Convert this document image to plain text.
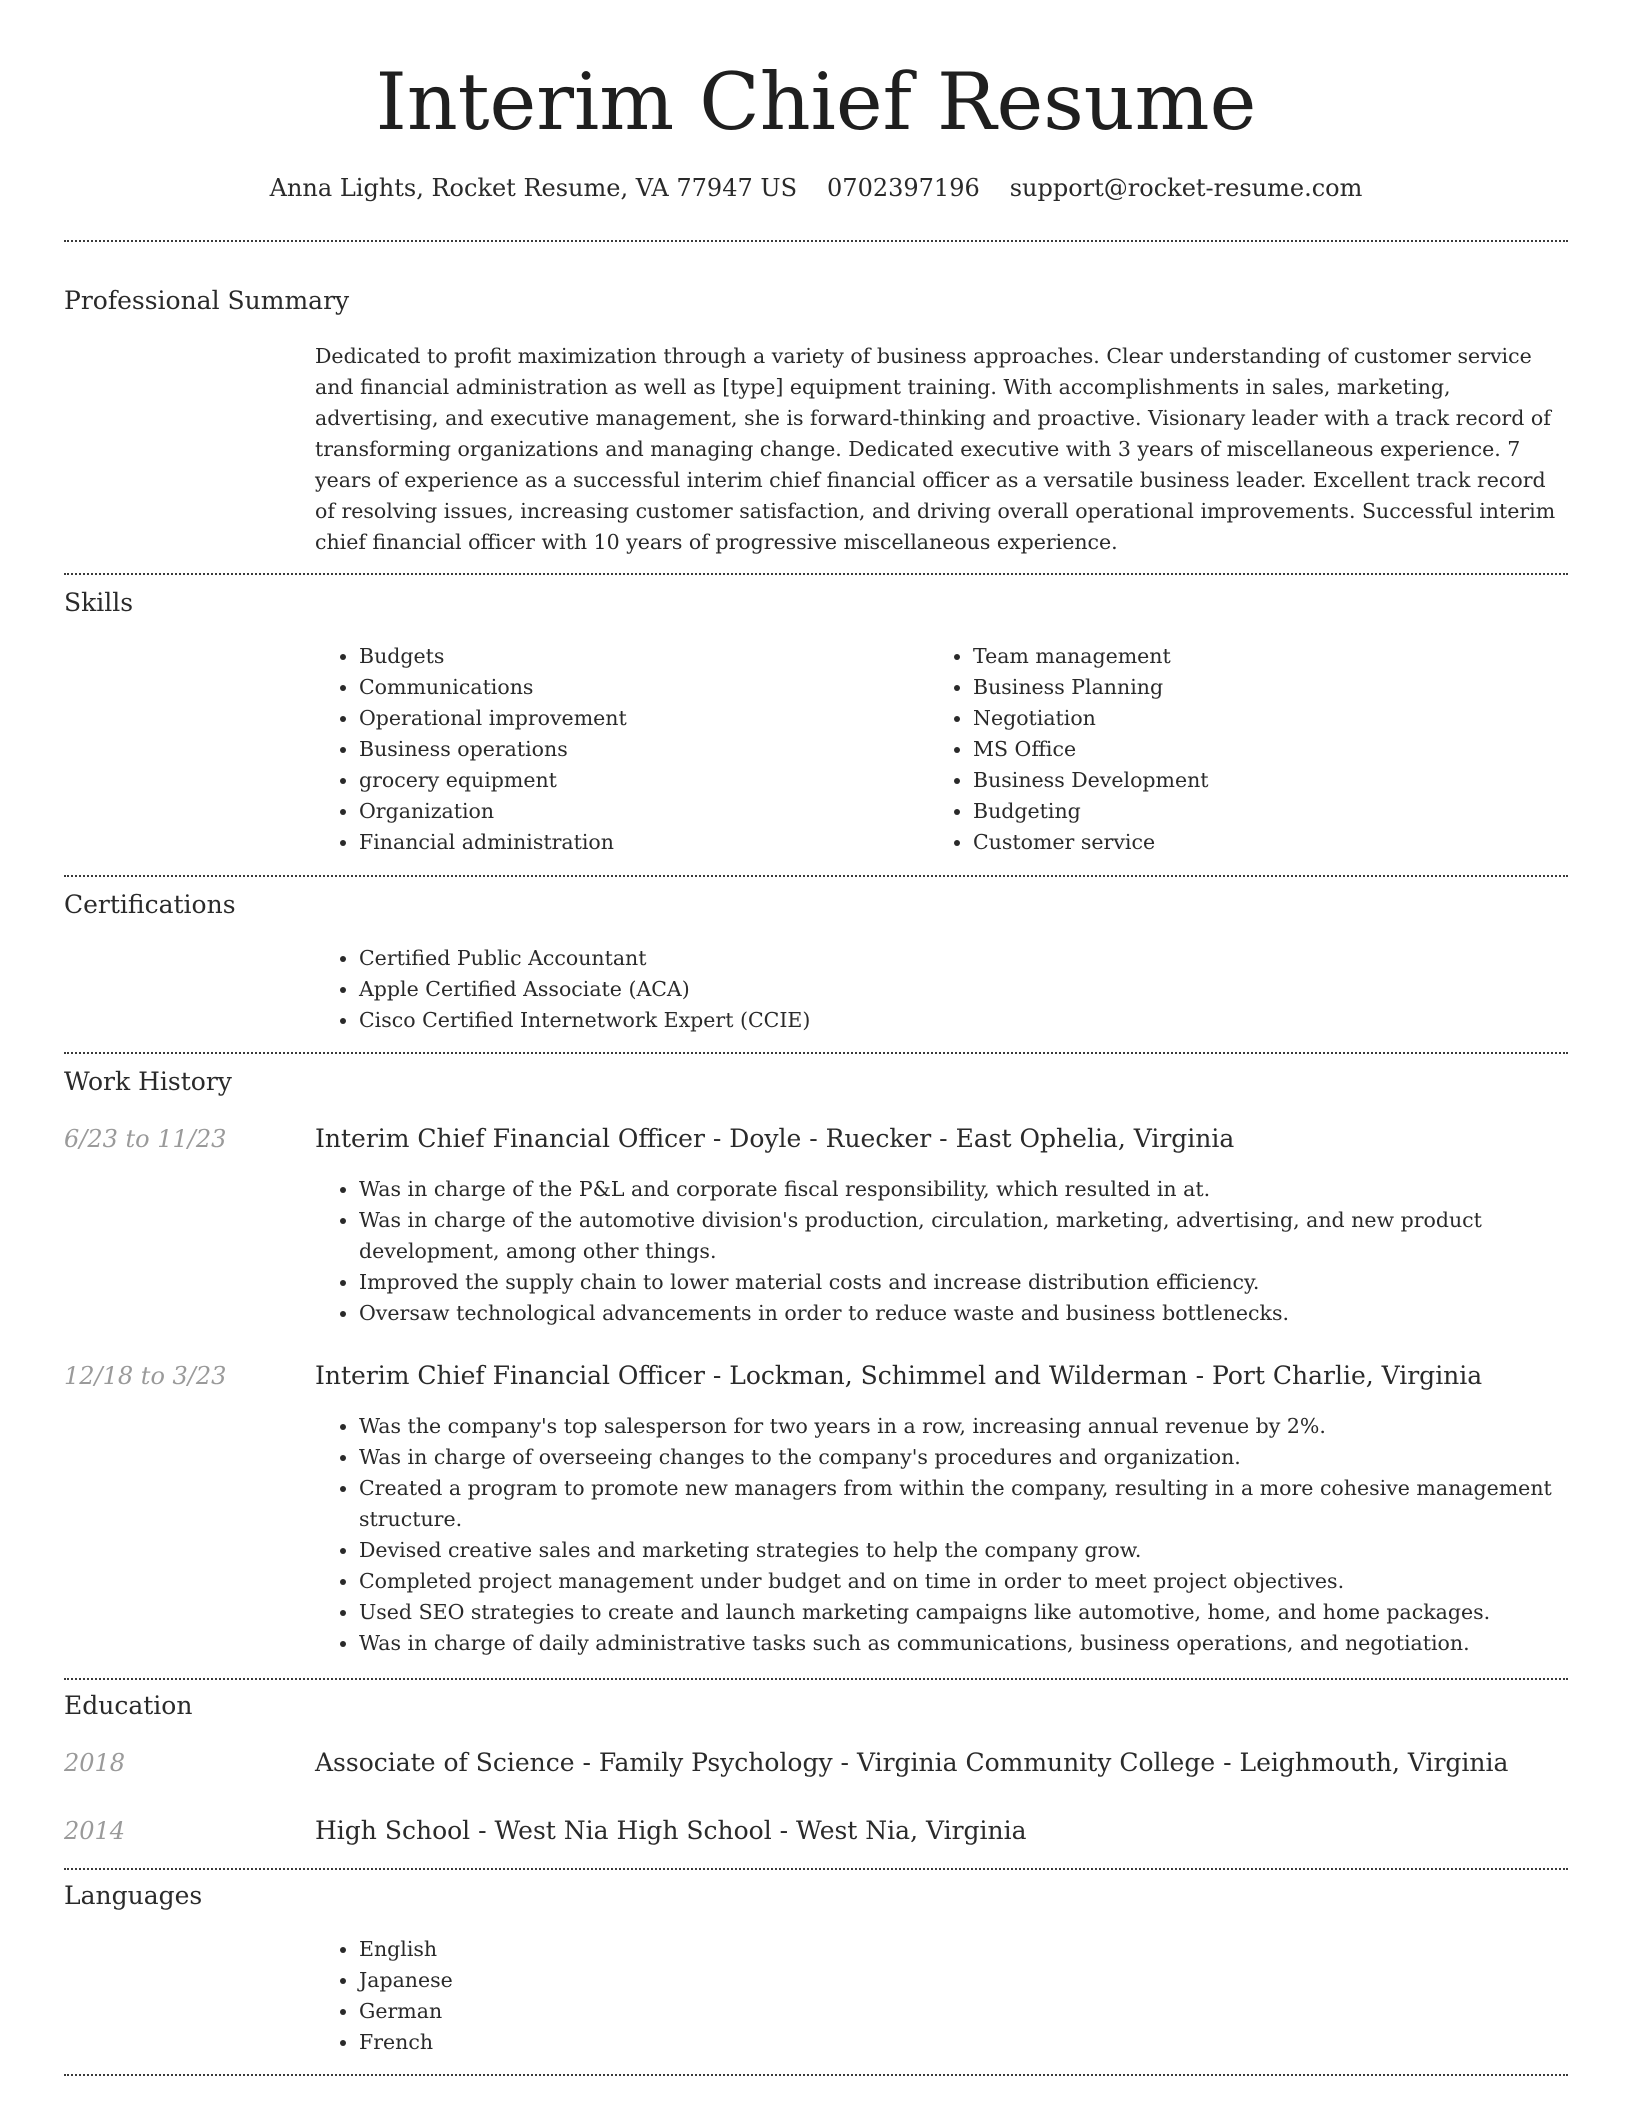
Interim Chief Resume
Anna Lights, Rocket Resume, VA 77947 US 0702397196 support@rocket-resume.com
Professional Summary

Dedicated to profit maximization through a variety of business approaches. Clear understanding of customer service and financial administration as well as [type] equipment training. With accomplishments in sales, marketing, advertising, and executive management, she is forward-thinking and proactive. Visionary leader with a track record of transforming organizations and managing change. Dedicated executive with 3 years of miscellaneous experience. 7 years of experience as a successful interim chief financial officer as a versatile business leader. Excellent track record of resolving issues, increasing customer satisfaction, and driving overall operational improvements. Successful interim chief financial officer with 10 years of progressive miscellaneous experience.

Skills
• Budgets
• Communications
• Operational improvement
• Business operations
• grocery equipment
• Organization
• Financial administration
• Team management
• Business Planning
• Negotiation
• MS Office
• Business Development
• Budgeting
• Customer service
Certifications
• Certified Public Accountant
• Apple Certified Associate (ACA)
• Cisco Certified Internetwork Expert (CCIE)
Work History
6/23 to 11/23	Interim Chief Financial Officer - Doyle - Ruecker - East Ophelia, Virginia

• Was in charge of the P&L and corporate fiscal responsibility, which resulted in at.
• Was in charge of the automotive division's production, circulation, marketing, advertising, and new product development, among other things.
• Improved the supply chain to lower material costs and increase distribution efficiency.
• Oversaw technological advancements in order to reduce waste and business bottlenecks.
12/18 to 3/23	Interim Chief Financial Officer - Lockman, Schimmel and Wilderman - Port Charlie, Virginia

• Was the company's top salesperson for two years in a row, increasing annual revenue by 2%.
• Was in charge of overseeing changes to the company's procedures and organization.
• Created a program to promote new managers from within the company, resulting in a more cohesive management structure.
• Devised creative sales and marketing strategies to help the company grow.
• Completed project management under budget and on time in order to meet project objectives.
• Used SEO strategies to create and launch marketing campaigns like automotive, home, and home packages.
• Was in charge of daily administrative tasks such as communications, business operations, and negotiation.
Education
2018	Associate of Science - Family Psychology - Virginia Community College - Leighmouth, Virginia

2014	High School - West Nia High School - West Nia, Virginia

Languages
• English
• Japanese
• German
• French
